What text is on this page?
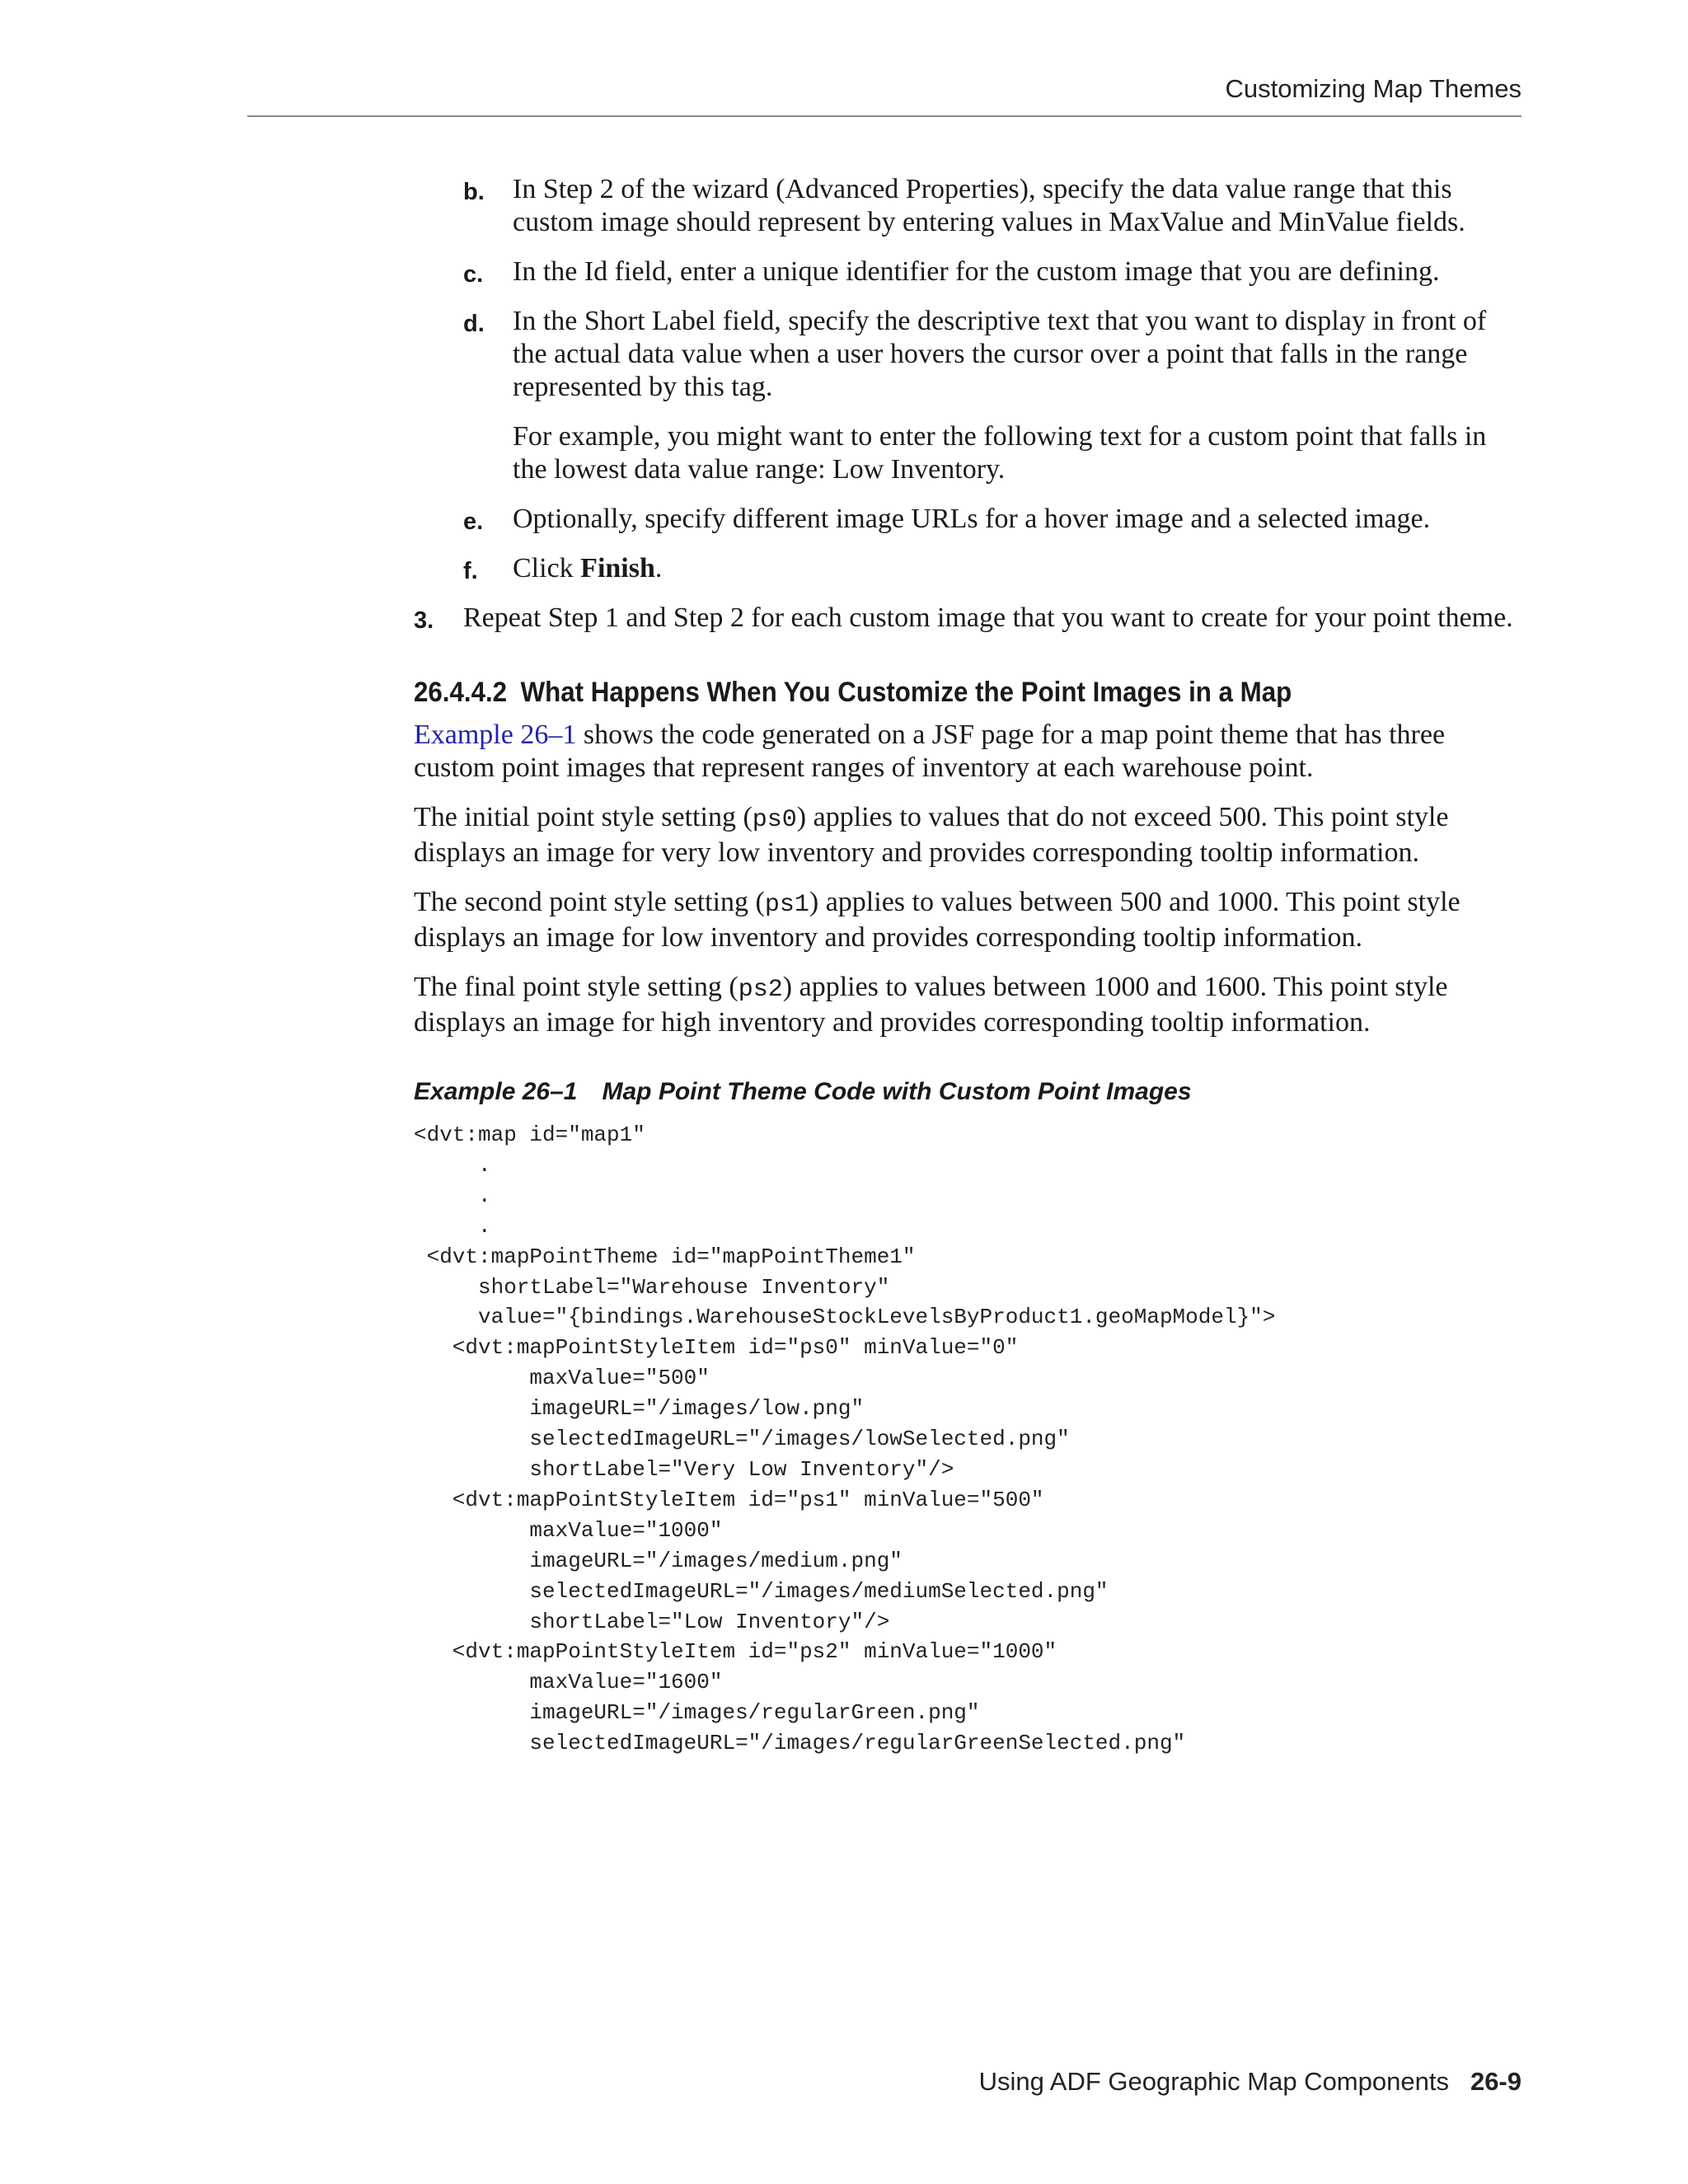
Customizing Map Themes
b. In Step 2 of the wizard (Advanced Properties), specify the data value range that this custom image should represent by entering values in MaxValue and MinValue fields.

c. In the Id field, enter a unique identifier for the custom image that you are defining.

d. In the Short Label field, specify the descriptive text that you want to display in front of the actual data value when a user hovers the cursor over a point that falls in the range represented by this tag.

For example, you might want to enter the following text for a custom point that falls in the lowest data value range: Low Inventory.

e. Optionally, specify different image URLs for a hover image and a selected image.

f. Click Finish.

3. Repeat Step 1 and Step 2 for each custom image that you want to create for your point theme.

26.4.4.2 What Happens When You Customize the Point Images in a Map

Example 26–1 shows the code generated on a JSF page for a map point theme that has three custom point images that represent ranges of inventory at each warehouse point.

The initial point style setting (ps0) applies to values that do not exceed 500. This point style displays an image for very low inventory and provides corresponding tooltip information.

The second point style setting (ps1) applies to values between 500 and 1000. This point style displays an image for low inventory and provides corresponding tooltip information.

The final point style setting (ps2) applies to values between 1000 and 1600. This point style displays an image for high inventory and provides corresponding tooltip information.

Example 26–1 Map Point Theme Code with Custom Point Images
<dvt:map id="map1"
.
.
.
<dvt:mapPointTheme id="mapPointTheme1"
shortLabel="Warehouse Inventory"
value="{bindings.WarehouseStockLevelsByProduct1.geoMapModel}">
<dvt:mapPointStyleItem id="ps0" minValue="0"
maxValue="500"
imageURL="/images/low.png"
selectedImageURL="/images/lowSelected.png"
shortLabel="Very Low Inventory"/>
<dvt:mapPointStyleItem id="ps1" minValue="500"
maxValue="1000"
imageURL="/images/medium.png"
selectedImageURL="/images/mediumSelected.png"
shortLabel="Low Inventory"/>
<dvt:mapPointStyleItem id="ps2" minValue="1000"
maxValue="1600"
imageURL="/images/regularGreen.png"
selectedImageURL="/images/regularGreenSelected.png"
Using ADF Geographic Map Components 26-9
